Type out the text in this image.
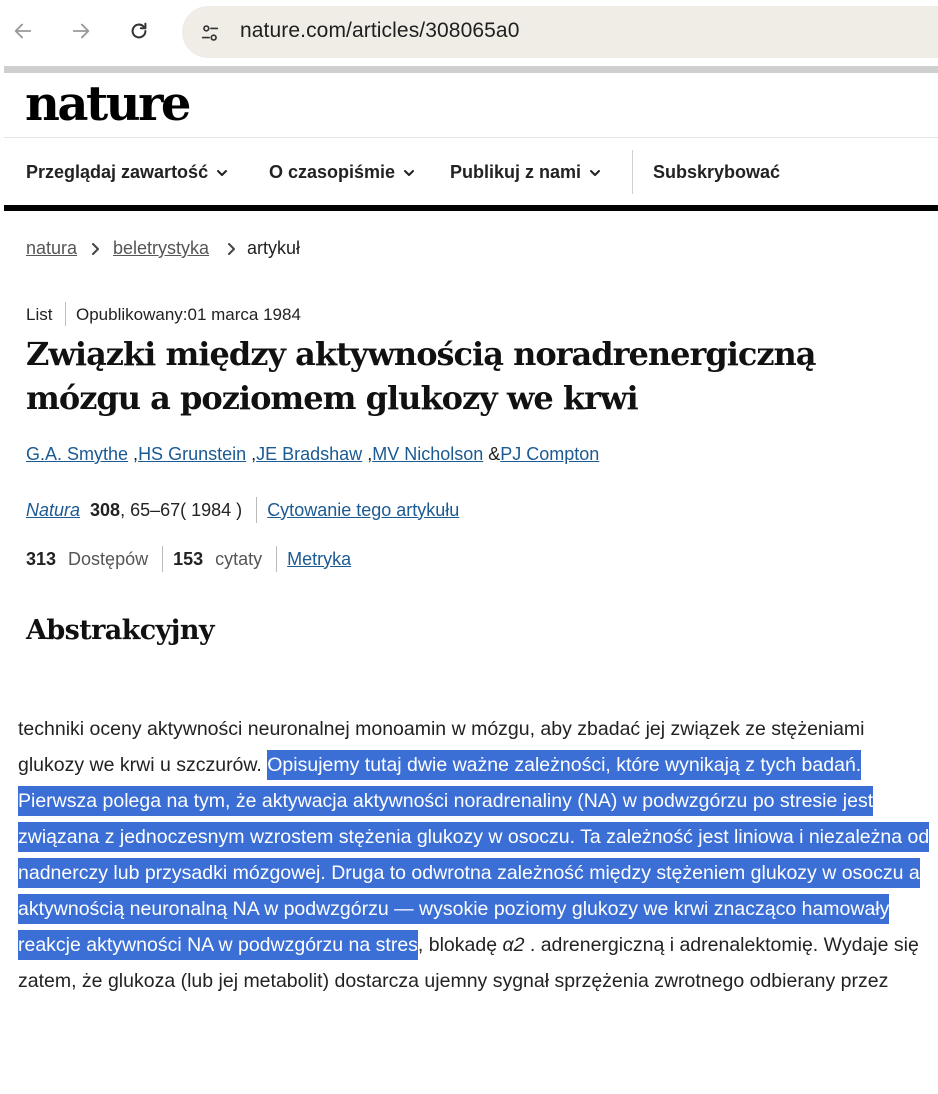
nature.com/articles/308065a0
nature
Przeglądaj zawartość	O czasopiśmie	Publikuj z nami	Subskrybować
natura beletrystyka artykuł
List Opublikowany:01 marca 1984
Związki między aktywnością noradrenergiczną mózgu a poziomem glukozy we krwi
G.A. Smythe ,HS Grunstein ,JE Bradshaw ,MV Nicholson &PJ Compton
Natura 308 , 65–67 ( 1984 ) Cytowanie tego artykułu
313 Dostępów 153 cytaty Metryka
Abstrakcyjny

techniki oceny aktywności neuronalnej monoamin w mózgu, aby zbadać jej związek ze stężeniami glukozy we krwi u szczurów. Opisujemy tutaj dwie ważne zależności, które wynikają z tych badań. Pierwsza polega na tym, że aktywacja aktywności noradrenaliny (NA) w podwzgórzu po stresie jest związana z jednoczesnym wzrostem stężenia glukozy w osoczu. Ta zależność jest liniowa i niezależna od nadnerczy lub przysadki mózgowej. Druga to odwrotna zależność między stężeniem glukozy w osoczu a aktywnością neuronalną NA w podwzgórzu — wysokie poziomy glukozy we krwi znacząco hamowały reakcje aktywności NA w podwzgórzu na stres, blokadę α2 . adrenergiczną i adrenalektomię. Wydaje się zatem, że glukoza (lub jej metabolit) dostarcza ujemny sygnał sprzężenia zwrotnego odbierany przez
